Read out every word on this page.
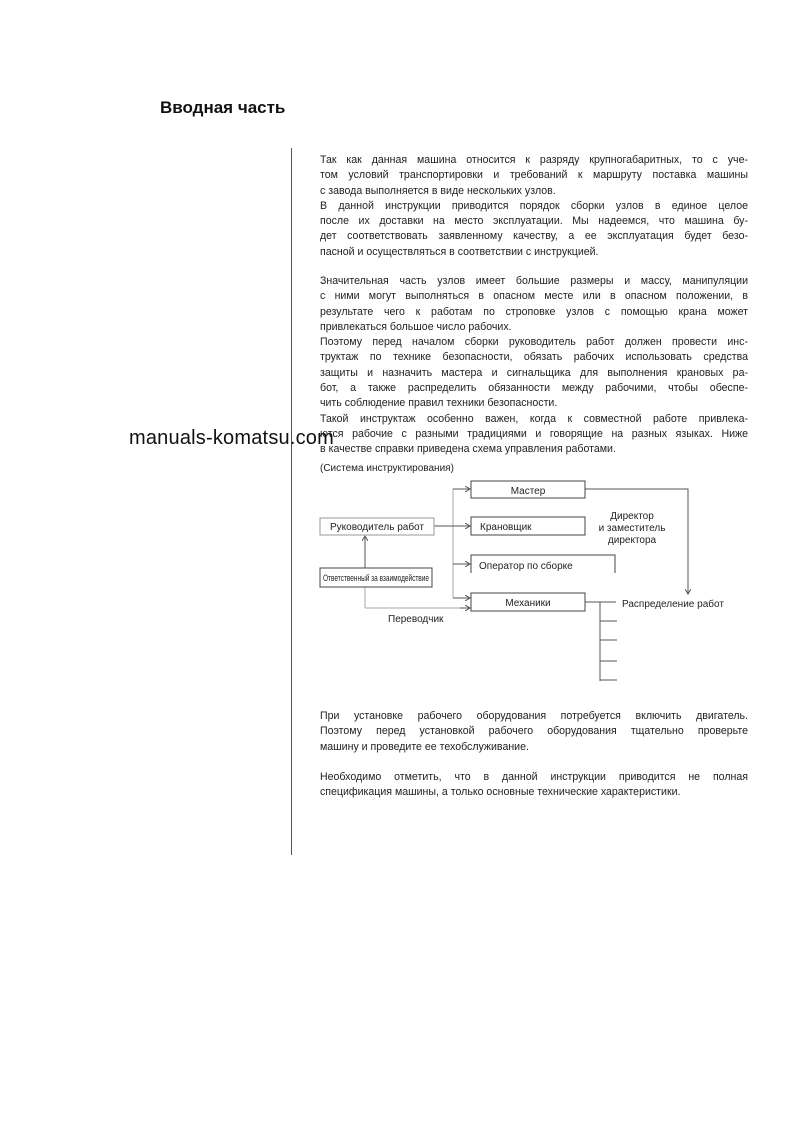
Вводная часть
Так как данная машина относится к разряду крупногабаритных, то с уче-
том условий транспортировки и требований к маршруту поставка машины
с завода выполняется в виде нескольких узлов.
В данной инструкции приводится порядок сборки узлов в единое целое
после их доставки на место эксплуатации. Мы надеемся, что машина бу-
дет соответствовать заявленному качеству, а ее эксплуатация будет безо-
пасной и осуществляться в соответствии с инструкцией.
Значительная часть узлов имеет большие размеры и массу, манипуляции
с ними могут выполняться в опасном месте или в опасном положении, в
результате чего к работам по строповке узлов с помощью крана может
привлекаться большое число рабочих.
Поэтому перед началом сборки руководитель работ должен провести инс-
труктаж по технике безопасности, обязать рабочих использовать средства
защиты и назначить мастера и сигнальщика для выполнения крановых ра-
бот, а также распределить обязанности между рабочими, чтобы обеспе-
чить соблюдение правил техники безопасности.
Такой инструктаж особенно важен, когда к совместной работе привлека-
ются рабочие с разными традициями и говорящие на разных языках. Ниже
в качестве справки приведена схема управления работами.
При установке рабочего оборудования потребуется включить двигатель.
Поэтому перед установкой рабочего оборудования тщательно проверьте
машину и проведите ее техобслуживание.
Необходимо отметить, что в данной инструкции приводится не полная
спецификация машины, а только основные технические характеристики.
(Система инструктирования)
Мастер
Крановщик
Оператор по сборке
Механики
Руководитель работ
Ответственный за взаимодействие
Переводчик
Директор
и заместитель
директора
Распределение работ
manuals-komatsu.com
